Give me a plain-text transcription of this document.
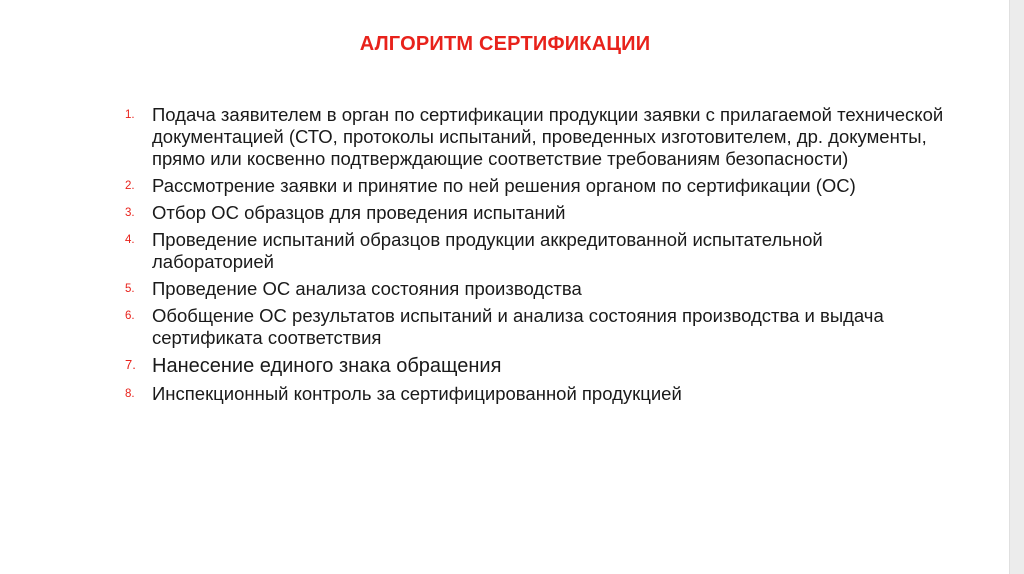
АЛГОРИТМ СЕРТИФИКАЦИИ
1. Подача заявителем в орган по сертификации продукции заявки с прилагаемой технической документацией (СТО, протоколы испытаний, проведенных изготовителем, др. документы, прямо или косвенно подтверждающие соответствие требованиям безопасности)
2. Рассмотрение заявки и принятие по ней решения органом по сертификации (ОС)
3. Отбор ОС образцов для проведения испытаний
4. Проведение испытаний образцов продукции аккредитованной испытательной лабораторией
5. Проведение ОС анализа состояния производства
6. Обобщение ОС результатов испытаний и анализа состояния производства и выдача сертификата соответствия
7. Нанесение единого знака обращения
8. Инспекционный контроль за сертифицированной продукцией
